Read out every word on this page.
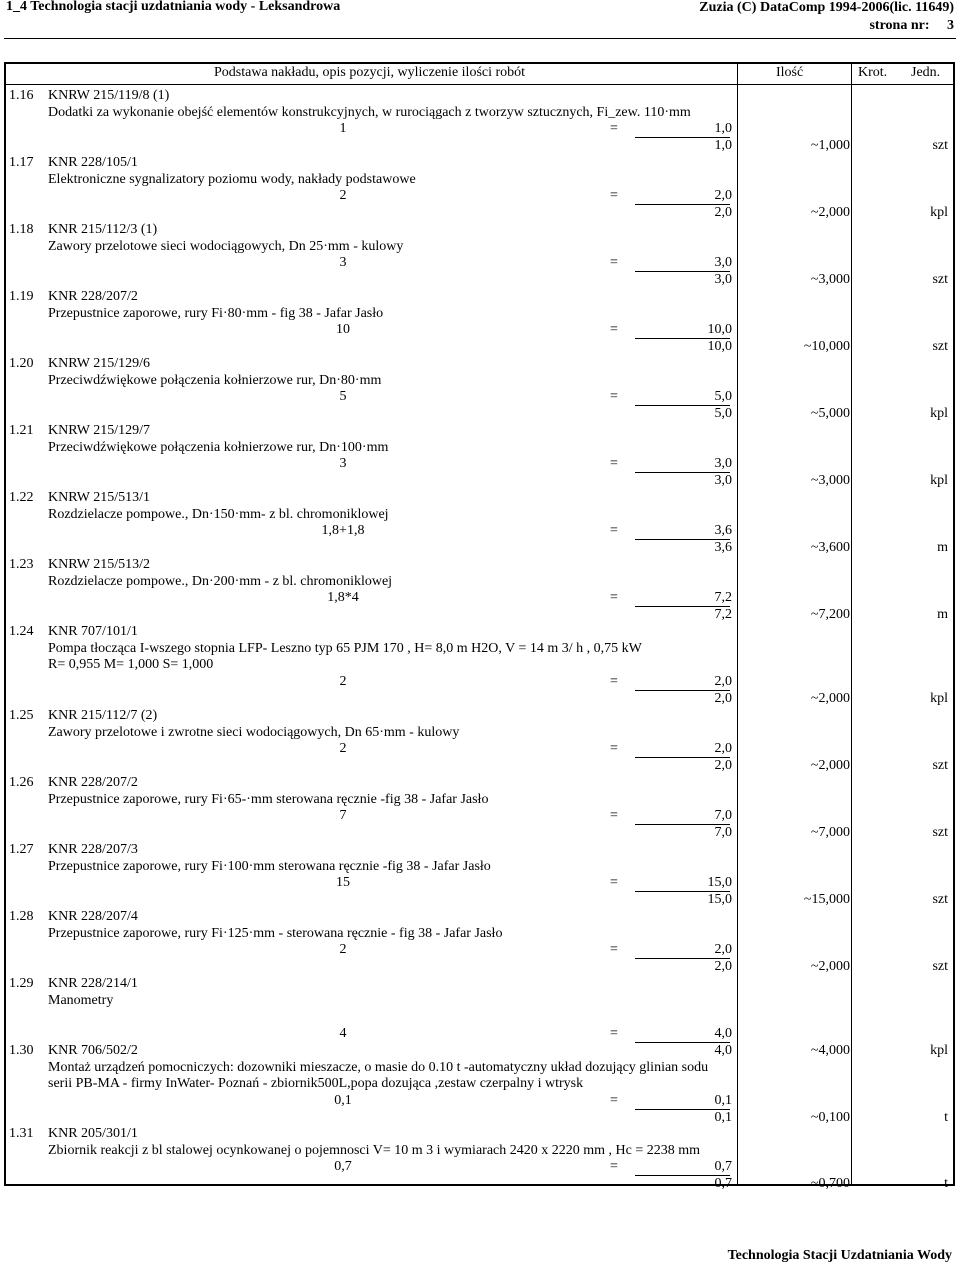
1_4 Technologia stacji uzdatniania wody - Leksandrowa	Zuzia (C) DataComp 1994-2006(lic. 11649)
strona nr: 3
Podstawa nakładu, opis pozycji, wyliczenie ilości robót	Ilość	Krot. Jedn.
1.16 KNRW 215/119/8 (1)
Dodatki za wykonanie obejść elementów konstrukcyjnych, w rurociągach z tworzyw sztucznych, Fi_zew. 110·mm
1	=	1,0
1,0	~1,000	szt
1.17 KNR 228/105/1
Elektroniczne sygnalizatory poziomu wody, nakłady podstawowe
2	=	2,0
2,0	~2,000	kpl
1.18 KNR 215/112/3 (1)
Zawory przelotowe sieci wodociągowych, Dn 25·mm - kulowy
3	=	3,0
3,0	~3,000	szt
1.19 KNR 228/207/2
Przepustnice zaporowe, rury Fi·80·mm - fig 38 - Jafar Jasło
10	=	10,0
10,0	~10,000	szt
1.20 KNRW 215/129/6
Przeciwdźwiękowe połączenia kołnierzowe rur, Dn·80·mm
5	=	5,0
5,0	~5,000	kpl
1.21 KNRW 215/129/7
Przeciwdźwiękowe połączenia kołnierzowe rur, Dn·100·mm
3	=	3,0
3,0	~3,000	kpl
1.22 KNRW 215/513/1
Rozdzielacze pompowe., Dn·150·mm- z bl. chromoniklowej
1,8+1,8	=	3,6
3,6	~3,600	m
1.23 KNRW 215/513/2
Rozdzielacze pompowe., Dn·200·mm - z bl. chromoniklowej
1,8*4	=	7,2
7,2	~7,200	m
1.24 KNR 707/101/1
Pompa tłocząca I-wszego stopnia LFP- Leszno typ 65 PJM 170 , H= 8,0 m H2O, V = 14 m 3/ h , 0,75 kW
R= 0,955 M= 1,000 S= 1,000
2	=	2,0
2,0	~2,000	kpl
1.25 KNR 215/112/7 (2)
Zawory przelotowe i zwrotne sieci wodociągowych, Dn 65·mm - kulowy
2	=	2,0
2,0	~2,000	szt
1.26 KNR 228/207/2
Przepustnice zaporowe, rury Fi·65-·mm sterowana ręcznie -fig 38 - Jafar Jasło
7	=	7,0
7,0	~7,000	szt
1.27 KNR 228/207/3
Przepustnice zaporowe, rury Fi·100·mm sterowana ręcznie -fig 38 - Jafar Jasło
15	=	15,0
15,0	~15,000	szt
1.28 KNR 228/207/4
Przepustnice zaporowe, rury Fi·125·mm - sterowana ręcznie - fig 38 - Jafar Jasło
2	=	2,0
2,0	~2,000	szt
1.29 KNR 228/214/1
Manometry
4	=	4,0
4,0	~4,000	kpl
1.30 KNR 706/502/2
Montaż urządzeń pomocniczych: dozowniki mieszacze, o masie do 0.10 t -automatyczny układ dozujący glinian sodu
serii PB-MA - firmy InWater- Poznań - zbiornik500L,popa dozująca ,zestaw czerpalny i wtrysk
0,1	=	0,1
0,1	~0,100	t
1.31 KNR 205/301/1
Zbiornik reakcji z bl stalowej ocynkowanej o pojemnosci V= 10 m 3 i wymiarach 2420 x 2220 mm , Hc = 2238 mm
0,7	=	0,7
0,7	~0,700	t
Technologia Stacji Uzdatniania Wody
